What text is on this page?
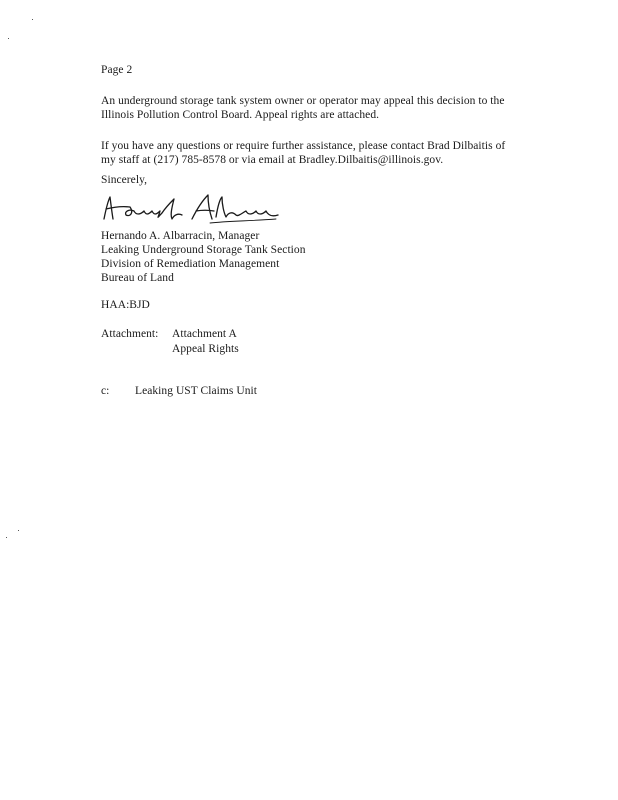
Page 2
An underground storage tank system owner or operator may appeal this decision to the
Illinois Pollution Control Board. Appeal rights are attached.
If you have any questions or require further assistance, please contact Brad Dilbaitis of
my staff at (217) 785-8578 or via email at Bradley.Dilbaitis@illinois.gov.
Sincerely,
Hernando A. Albarracin, Manager
Leaking Underground Storage Tank Section
Division of Remediation Management
Bureau of Land
HAA:BJD
Attachment: Attachment A
Appeal Rights
c: Leaking UST Claims Unit
